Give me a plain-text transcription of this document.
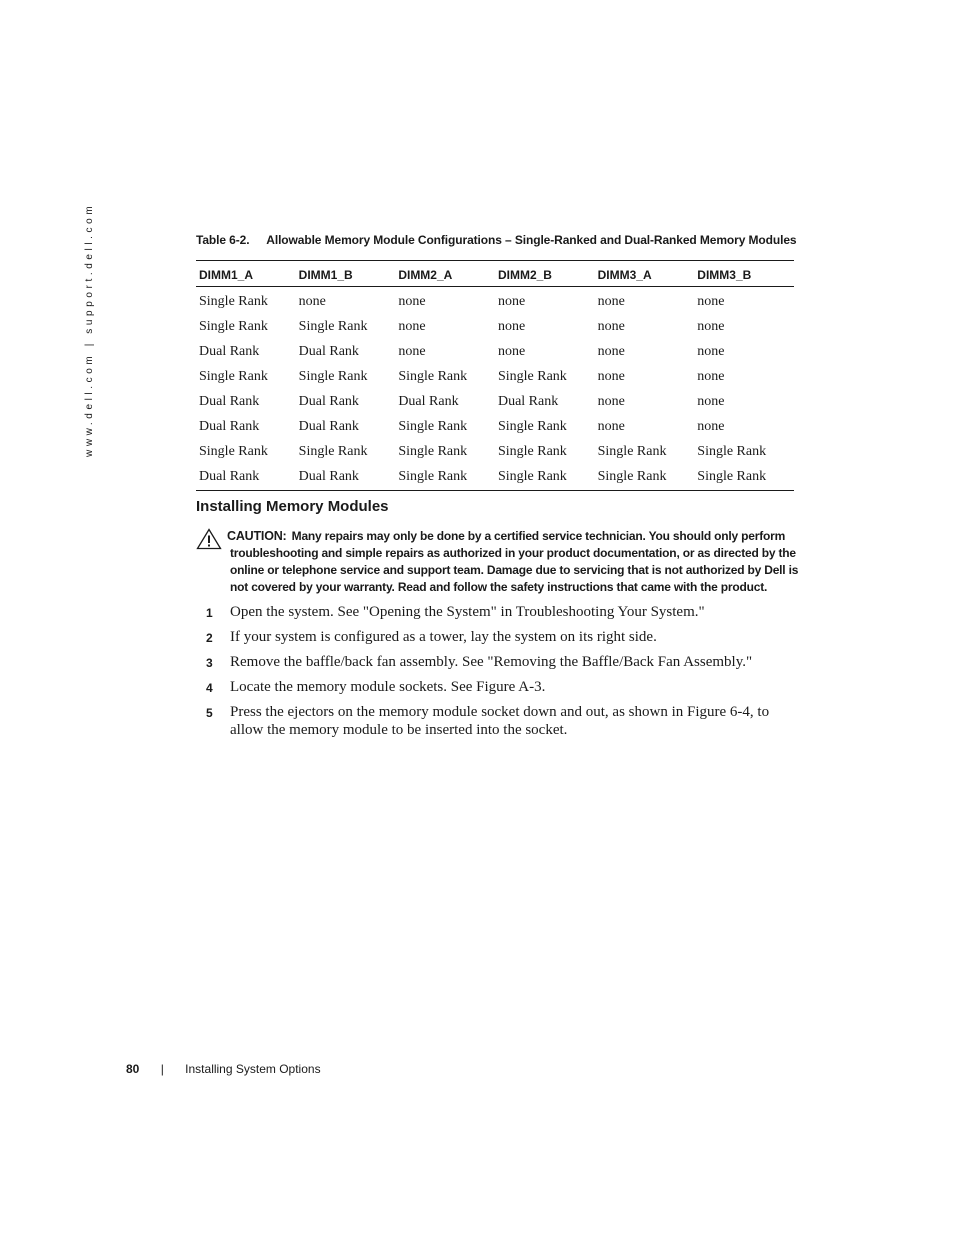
www.dell.com | support.dell.com	Table 6-2. Allowable Memory Module Configurations – Single-Ranked and Dual-Ranked Memory Modules
DIMM1_A	DIMM1_B	DIMM2_A	DIMM2_B	DIMM3_A	DIMM3_B
Single Rank	none	none	none	none	none
Single Rank	Single Rank	none	none	none	none
Dual Rank	Dual Rank	none	none	none	none
Single Rank	Single Rank	Single Rank	Single Rank	none	none
Dual Rank	Dual Rank	Dual Rank	Dual Rank	none	none
Dual Rank	Dual Rank	Single Rank	Single Rank	none	none
Single Rank	Single Rank	Single Rank	Single Rank	Single Rank	Single Rank
Dual Rank	Dual Rank	Single Rank	Single Rank	Single Rank	Single Rank
Installing Memory Modules
CAUTION: Many repairs may only be done by a certified service technician. You should only perform troubleshooting and simple repairs as authorized in your product documentation, or as directed by the online or telephone service and support team. Damage due to servicing that is not authorized by Dell is not covered by your warranty. Read and follow the safety instructions that came with the product.
1 Open the system. See "Opening the System" in Troubleshooting Your System."
2 If your system is configured as a tower, lay the system on its right side.
3 Remove the baffle/back fan assembly. See "Removing the Baffle/Back Fan Assembly."
4 Locate the memory module sockets. See Figure A-3.
5 Press the ejectors on the memory module socket down and out, as shown in Figure 6-4, to allow the memory module to be inserted into the socket.
80 | Installing System Options
